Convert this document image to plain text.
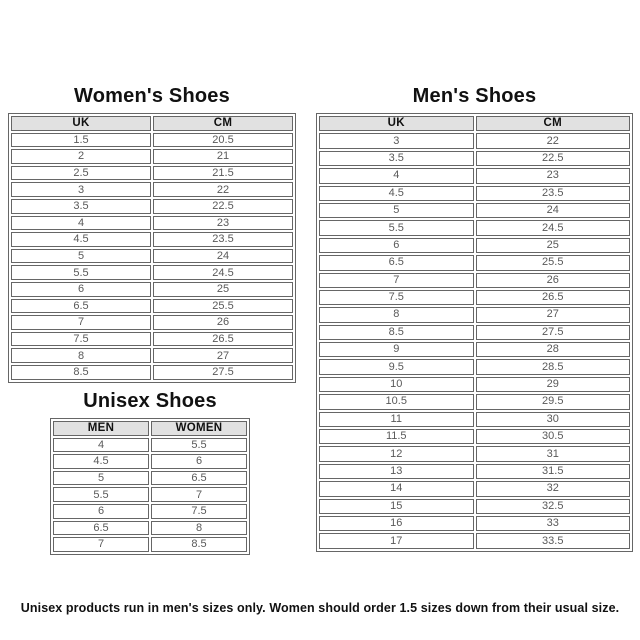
Women's Shoes
UK	CM
1.5	20.5
2	21
2.5	21.5
3	22
3.5	22.5
4	23
4.5	23.5
5	24
5.5	24.5
6	25
6.5	25.5
7	26
7.5	26.5
8	27
8.5	27.5
Men's Shoes
UK	CM
3	22
3.5	22.5
4	23
4.5	23.5
5	24
5.5	24.5
6	25
6.5	25.5
7	26
7.5	26.5
8	27
8.5	27.5
9	28
9.5	28.5
10	29
10.5	29.5
11	30
11.5	30.5
12	31
13	31.5
14	32
15	32.5
16	33
17	33.5
Unisex Shoes
MEN	WOMEN
4	5.5
4.5	6
5	6.5
5.5	7
6	7.5
6.5	8
7	8.5
Unisex products run in men's sizes only. Women should order 1.5 sizes down from their usual size.
